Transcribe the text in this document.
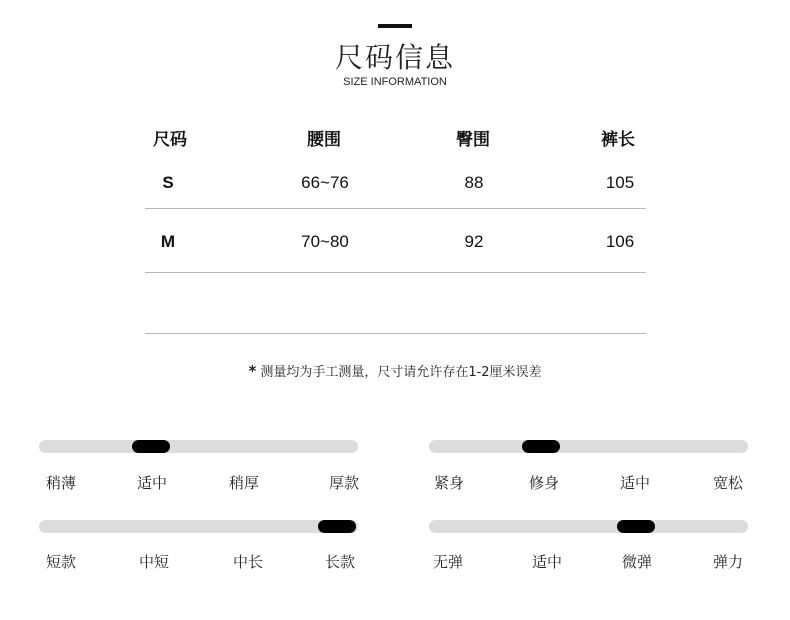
尺码信息
SIZE INFORMATION
尺码	腰围	臀围	裤长
S	66~76	88	105
M	70~80	92	106
* 测量均为手工测量，尺寸请允许存在1-2厘米误差
稍薄	适中	稍厚	厚款	紧身	修身	适中	宽松
短款	中短	中长	长款	无弹	适中	微弹	弹力
